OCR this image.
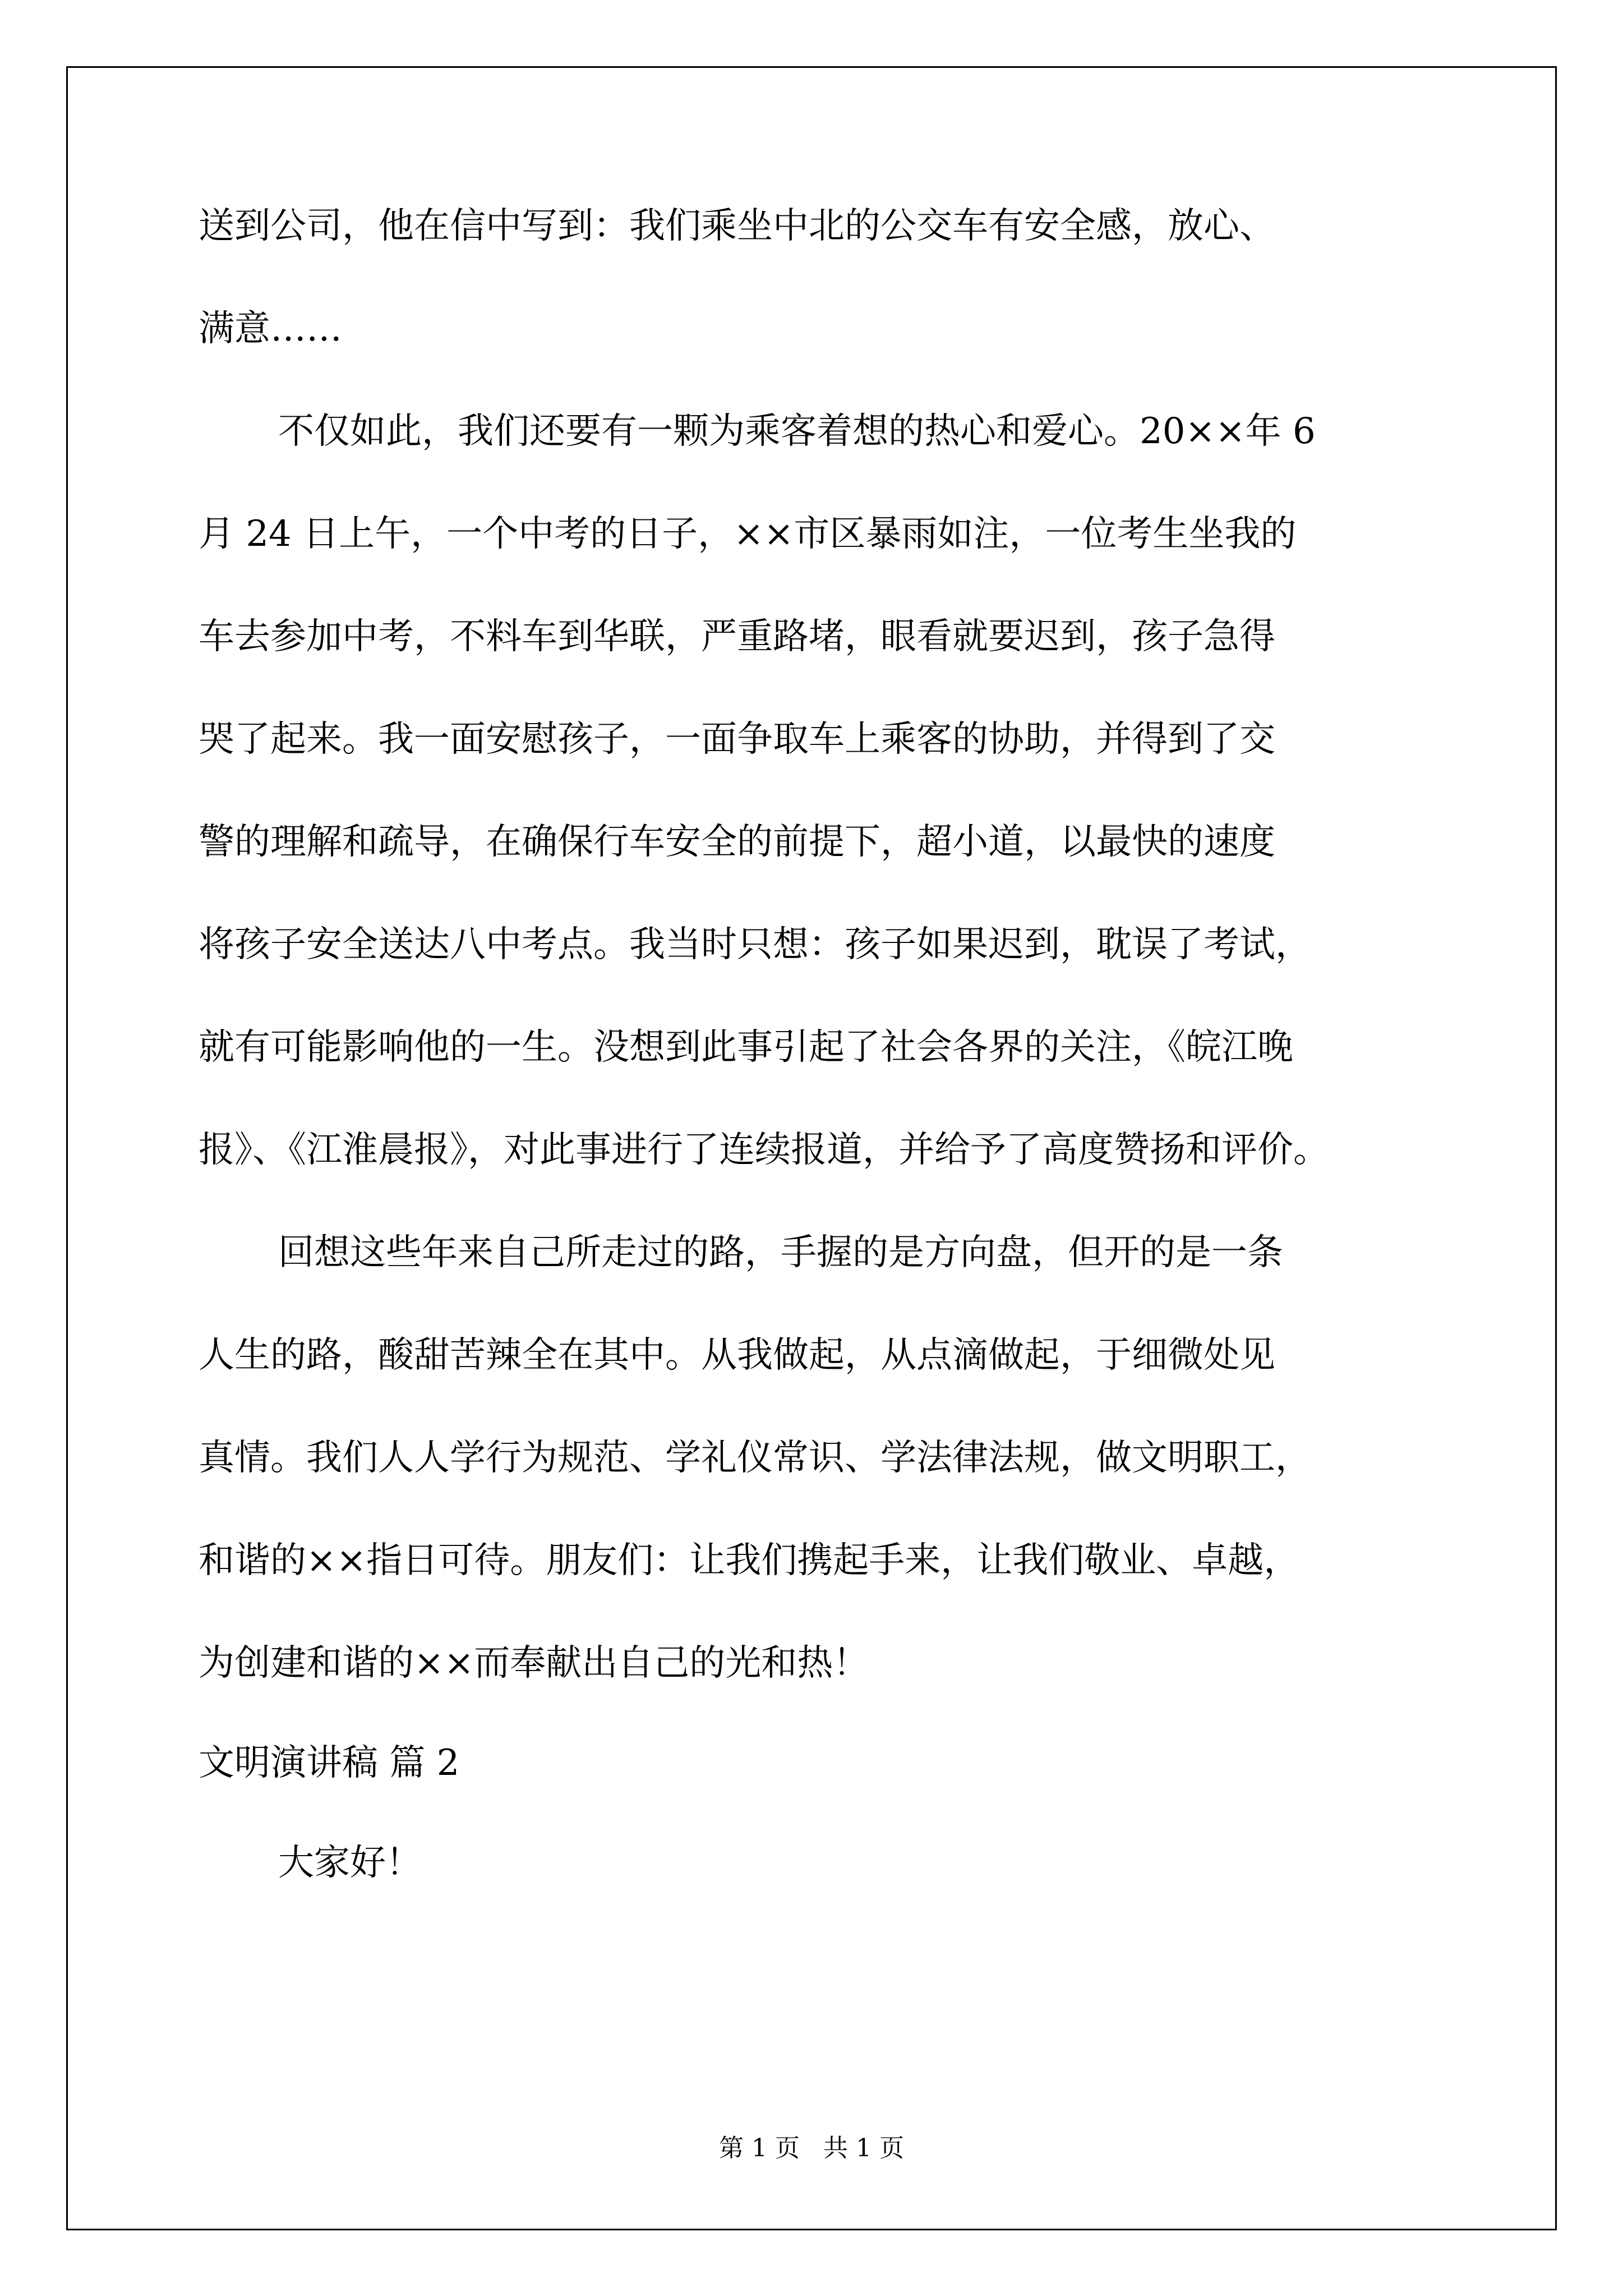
送到公司，他在信中写到：我们乘坐中北的公交车有安全感，放心、
满意……
不仅如此，我们还要有一颗为乘客着想的热心和爱心。20××年 6
月 24 日上午，一个中考的日子，××市区暴雨如注，一位考生坐我的
车去参加中考，不料车到华联，严重路堵，眼看就要迟到，孩子急得
哭了起来。我一面安慰孩子，一面争取车上乘客的协助，并得到了交
警的理解和疏导，在确保行车安全的前提下，超小道，以最快的速度
将孩子安全送达八中考点。我当时只想：孩子如果迟到，耽误了考试，
就有可能影响他的一生。没想到此事引起了社会各界的关注，《皖江晚
报》、《江淮晨报》，对此事进行了连续报道，并给予了高度赞扬和评价。
回想这些年来自己所走过的路，手握的是方向盘，但开的是一条
人生的路，酸甜苦辣全在其中。从我做起，从点滴做起，于细微处见
真情。我们人人学行为规范、学礼仪常识、学法律法规，做文明职工，
和谐的××指日可待。朋友们：让我们携起手来，让我们敬业、卓越，
为创建和谐的××而奉献出自己的光和热！
文明演讲稿 篇 2
大家好！
第 1 页 共 1 页
